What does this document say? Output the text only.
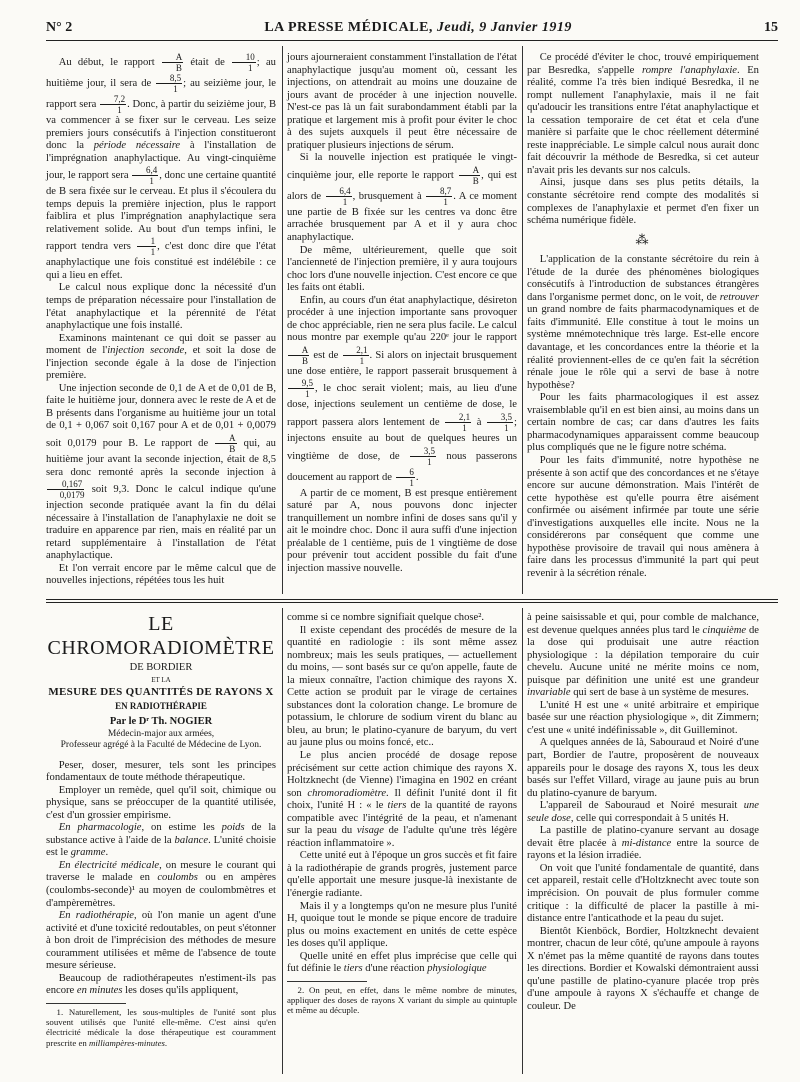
N° 2	LA PRESSE MÉDICALE, Jeudi, 9 Janvier 1919	15

Au début, le rapport $\frac{A}{B}$ était de $\frac{10}{1}$ ; au huitième jour, il sera de $\frac{8,5}{1}$ ; au seizième jour, le rapport sera $\frac{7,2}{1}$ . Donc, à partir du seizième jour, B va commencer à se fixer sur le cerveau. Les seize premiers jours consécutifs à l'injection constitueront donc la période nécessaire à l'installation de l'imprégnation anaphylactique. Au vingt-cinquième jour, le rapport sera $\frac{6,4}{1}$ , donc une certaine quantité de B sera fixée sur le cerveau. Et plus il s'écoulera du temps depuis la première injection, plus le rapport faiblira et plus l'imprégnation anaphylactique sera relativement solide. Au bout d'un temps infini, le rapport tendra vers $\frac{1}{1}$ , c'est donc dire que l'état anaphylactique une fois constitué est indélébile : ce qui a lieu en effet.

Le calcul nous explique donc la nécessité d'un temps de préparation nécessaire pour l'installation de l'état anaphylactique et la pérennité de l'état anaphylactique une fois installé.

Examinons maintenant ce qui doit se passer au moment de l'injection seconde, et soit la dose de l'injection seconde égale à la dose de l'injection première.

Une injection seconde de 0,1 de A et de 0,01 de B, faite le huitième jour, donnera avec le reste de A et de B présents dans l'organisme au huitième jour un total de 0,1 + 0,067 soit 0,167 pour A et de 0,01 + 0,0079 soit 0,0179 pour B. Le rapport de $\frac{A}{B}$ qui, au huitième jour avant la seconde injection, était de 8,5 sera donc remonté après la seconde injection à
$\frac{0,167}{0,0179}$ soit 9,3. Donc le calcul indique qu'une injection seconde pratiquée avant la fin du délai nécessaire à l'installation de l'anaphylaxie ne doit se traduire en apparence par rien, mais en réalité par un retard supplémentaire à l'installation de l'état anaphylactique.

Et l'on verrait encore par le même calcul que de nouvelles injections, répétées tous les huit

jours ajourneraient constamment l'installation de l'état anaphylactique jusqu'au moment où, cessant les injections, on attendrait au moins une douzaine de jours avant de procéder à une injection nouvelle. N'est-ce pas là un fait surabondamment établi par la pratique et largement mis à profit pour éviter le choc à des sujets auxquels il peut être nécessaire de pratiquer plusieurs injections de sérum.

Si la nouvelle injection est pratiquée le vingt-cinquième jour, elle reporte le rapport $\frac{A}{B}$ , qui est alors de $\frac{6,4}{1}$ , brusquement à $\frac{8,7}{1}$ . A ce moment une partie de B fixée sur les centres va donc être arrachée brusquement par A et il y aura choc anaphylactique.

De même, ultérieurement, quelle que soit l'ancienneté de l'injection première, il y aura toujours choc lors d'une nouvelle injection. C'est encore ce que les faits ont établi.

Enfin, au cours d'un état anaphylactique, désireton procéder à une injection importante sans provoquer de choc appréciable, rien ne sera plus facile. Le calcul nous montre par exemple qu'au 220ᵉ jour le rapport
$\frac{A}{B}$ est de $\frac{2,1}{1}$ . Si alors on injectait brusquement une dose entière, le rapport passerait brusquement à
$\frac{9,5}{1}$ , le choc serait violent; mais, au lieu d'une dose, injections seulement un centième de dose, le rapport passera alors lentement de $\frac{2,1}{1}$ à $\frac{3,5}{1}$ ; injectons ensuite au bout de quelques heures un vingtième de dose, de $\frac{3,5}{1}$ nous passerons doucement au rapport de $\frac{6}{1}$ .

A partir de ce moment, B est presque entièrement saturé par A, nous pouvons donc injecter tranquillement un nombre infini de doses sans qu'il y ait le moindre choc. Donc il aura suffi d'une injection préalable de 1 centième, puis de 1 vingtième de dose pour prévenir tout accident possible du fait d'une injection massive nouvelle.

Ce procédé d'éviter le choc, trouvé empiriquement par Besredka, s'appelle rompre l'anaphylaxie. En réalité, comme l'a très bien indiqué Besredka, il ne rompt nullement l'anaphylaxie, mais il ne fait qu'adoucir les transitions entre l'état anaphylactique et la cessation temporaire de cet état et cela d'une manière si parfaite que le choc réellement déterminé reste inappréciable. Le simple calcul nous aurait donc fait découvrir la méthode de Besredka, si cet auteur n'avait pris les devants sur nos calculs.

Ainsi, jusque dans ses plus petits détails, la constante sécrétoire rend compte des modalités si complexes de l'anaphylaxie et permet d'en fixer un schéma numérique fidèle.

⁂

L'application de la constante sécrétoire du rein à l'étude de la durée des phénomènes biologiques consécutifs à l'introduction de substances étrangères dans l'organisme permet donc, on le voit, de retrouver un grand nombre de faits pharmacodynamiques et de faits d'immunité. Elle constitue à tout le moins un système mnémotechnique très large. Est-elle encore davantage, et les concordances entre la théorie et la réalité proviennent-elles de ce qu'en fait la sécrétion rénale joue le rôle qui a servi de base à notre hypothèse?

Pour les faits pharmacologiques il est assez vraisemblable qu'il en est bien ainsi, au moins dans un certain nombre de cas; car dans d'autres les faits pharmacodynamiques apparaissent comme beaucoup plus compliqués que ne le figure notre schéma.

Pour les faits d'immunité, notre hypothèse ne présente à son actif que des concordances et ne s'étaye encore sur aucune démonstration. Mais l'intérêt de cette hypothèse est qu'elle pourra être aisément confirmée ou aisément infirmée par toute une série d'investigations auxquelles elle incite. Nous ne la considérerons par conséquent que comme une hypothèse provisoire de travail qui nous amènera à faire dans les processus d'immunité la part qui peut revenir à la sécrétion rénale.

LE CHROMORADIOMÈTRE
DE BORDIER
ET LA
MESURE DES QUANTITÉS DE RAYONS X
EN RADIOTHÉRAPIE
Par le Dʳ Th. NOGIER
Médecin-major aux armées,
Professeur agrégé à la Faculté de Médecine de Lyon.

Peser, doser, mesurer, tels sont les principes fondamentaux de toute méthode thérapeutique.

Employer un remède, quel qu'il soit, chimique ou physique, sans se préoccuper de la quantité utilisée, c'est d'un grossier empirisme.

En pharmacologie, on estime les poids de la substance active à l'aide de la balance. L'unité choisie est le gramme.

En électricité médicale, on mesure le courant qui traverse le malade en coulombs ou en ampères (coulombs-seconde)¹ au moyen de coulombmètres et d'ampèremètres.

En radiothérapie, où l'on manie un agent d'une activité et d'une toxicité redoutables, on peut s'étonner à bon droit de l'imprécision des méthodes de mesure couramment utilisées et même de l'absence de toute mesure sérieuse.

Beaucoup de radiothérapeutes n'estiment-ils pas encore en minutes les doses qu'ils appliquent,

1. Naturellement, les sous-multiples de l'unité sont plus souvent utilisés que l'unité elle-même. C'est ainsi qu'en électricité médicale la dose thérapeutique est couramment prescrite en milliampères-minutes.

comme si ce nombre signifiait quelque chose².

Il existe cependant des procédés de mesure de la quantité en radiologie : ils sont même assez nombreux; mais les seuls pratiques, — actuellement du moins, — sont basés sur ce qu'on appelle, faute de la mieux connaître, l'action chimique des rayons X. Cette action se produit par le virage de certaines substances dont la coloration change. Le bromure de potassium, le chlorure de sodium virent du blanc au bleu, au brun; le platino-cyanure de baryum, du vert au jaune plus ou moins foncé, etc..

Le plus ancien procédé de dosage repose précisément sur cette action chimique des rayons X. Holtzknecht (de Vienne) l'imagina en 1902 en créant son chromoradiomètre. Il définit l'unité dont il fit choix, l'unité H : « le tiers de la quantité de rayons compatible avec l'intégrité de la peau, et n'amenant sur la peau du visage de l'adulte qu'une très légère réaction inflammatoire ».

Cette unité eut à l'époque un gros succès et fit faire à la radiothérapie de grands progrès, justement parce qu'elle apportait une mesure jusque-là inexistante de l'énergie radiante.

Mais il y a longtemps qu'on ne mesure plus l'unité H, quoique tout le monde se pique encore de traduire plus ou moins exactement en unités de cette espèce les doses qu'il applique.

Quelle unité en effet plus imprécise que celle qui fut définie le tiers d'une réaction physiologique

2. On peut, en effet, dans le même nombre de minutes, appliquer des doses de rayons X variant du simple au quintuple et même au décuple.

à peine saisissable et qui, pour comble de malchance, est devenue quelques années plus tard le cinquième de la dose qui produisait une autre réaction physiologique : la dépilation temporaire du cuir chevelu. Aucune unité ne mérite moins ce nom, puisque par définition une unité est une grandeur invariable qui sert de base à un système de mesures.

L'unité H est une « unité arbitraire et empirique basée sur une réaction physiologique », dit Zimmern; c'est une « unité indéfinissable », dit Guilleminot.

A quelques années de là, Sabouraud et Noiré d'une part, Bordier de l'autre, proposèrent de nouveaux appareils pour le dosage des rayons X, tous les deux basés sur l'effet Villard, virage au jaune puis au brun du platino-cyanure de baryum.

L'appareil de Sabouraud et Noiré mesurait une seule dose, celle qui correspondait à 5 unités H.

La pastille de platino-cyanure servant au dosage devait être placée à mi-distance entre la source de rayons et la lésion irradiée.

On voit que l'unité fondamentale de quantité, dans cet appareil, restait celle d'Holtzknecht avec toute son imprécision. On pouvait de plus formuler comme critique : la difficulté de placer la pastille à mi-distance entre l'anticathode et la peau du sujet.

Bientôt Kienböck, Bordier, Holtzknecht devaient montrer, chacun de leur côté, qu'une ampoule à rayons X n'émet pas la même quantité de rayons dans toutes les directions. Bordier et Kowalski démontraient aussi qu'une pastille de platino-cyanure placée trop près d'une ampoule à rayons X s'échauffe et change de couleur. De
